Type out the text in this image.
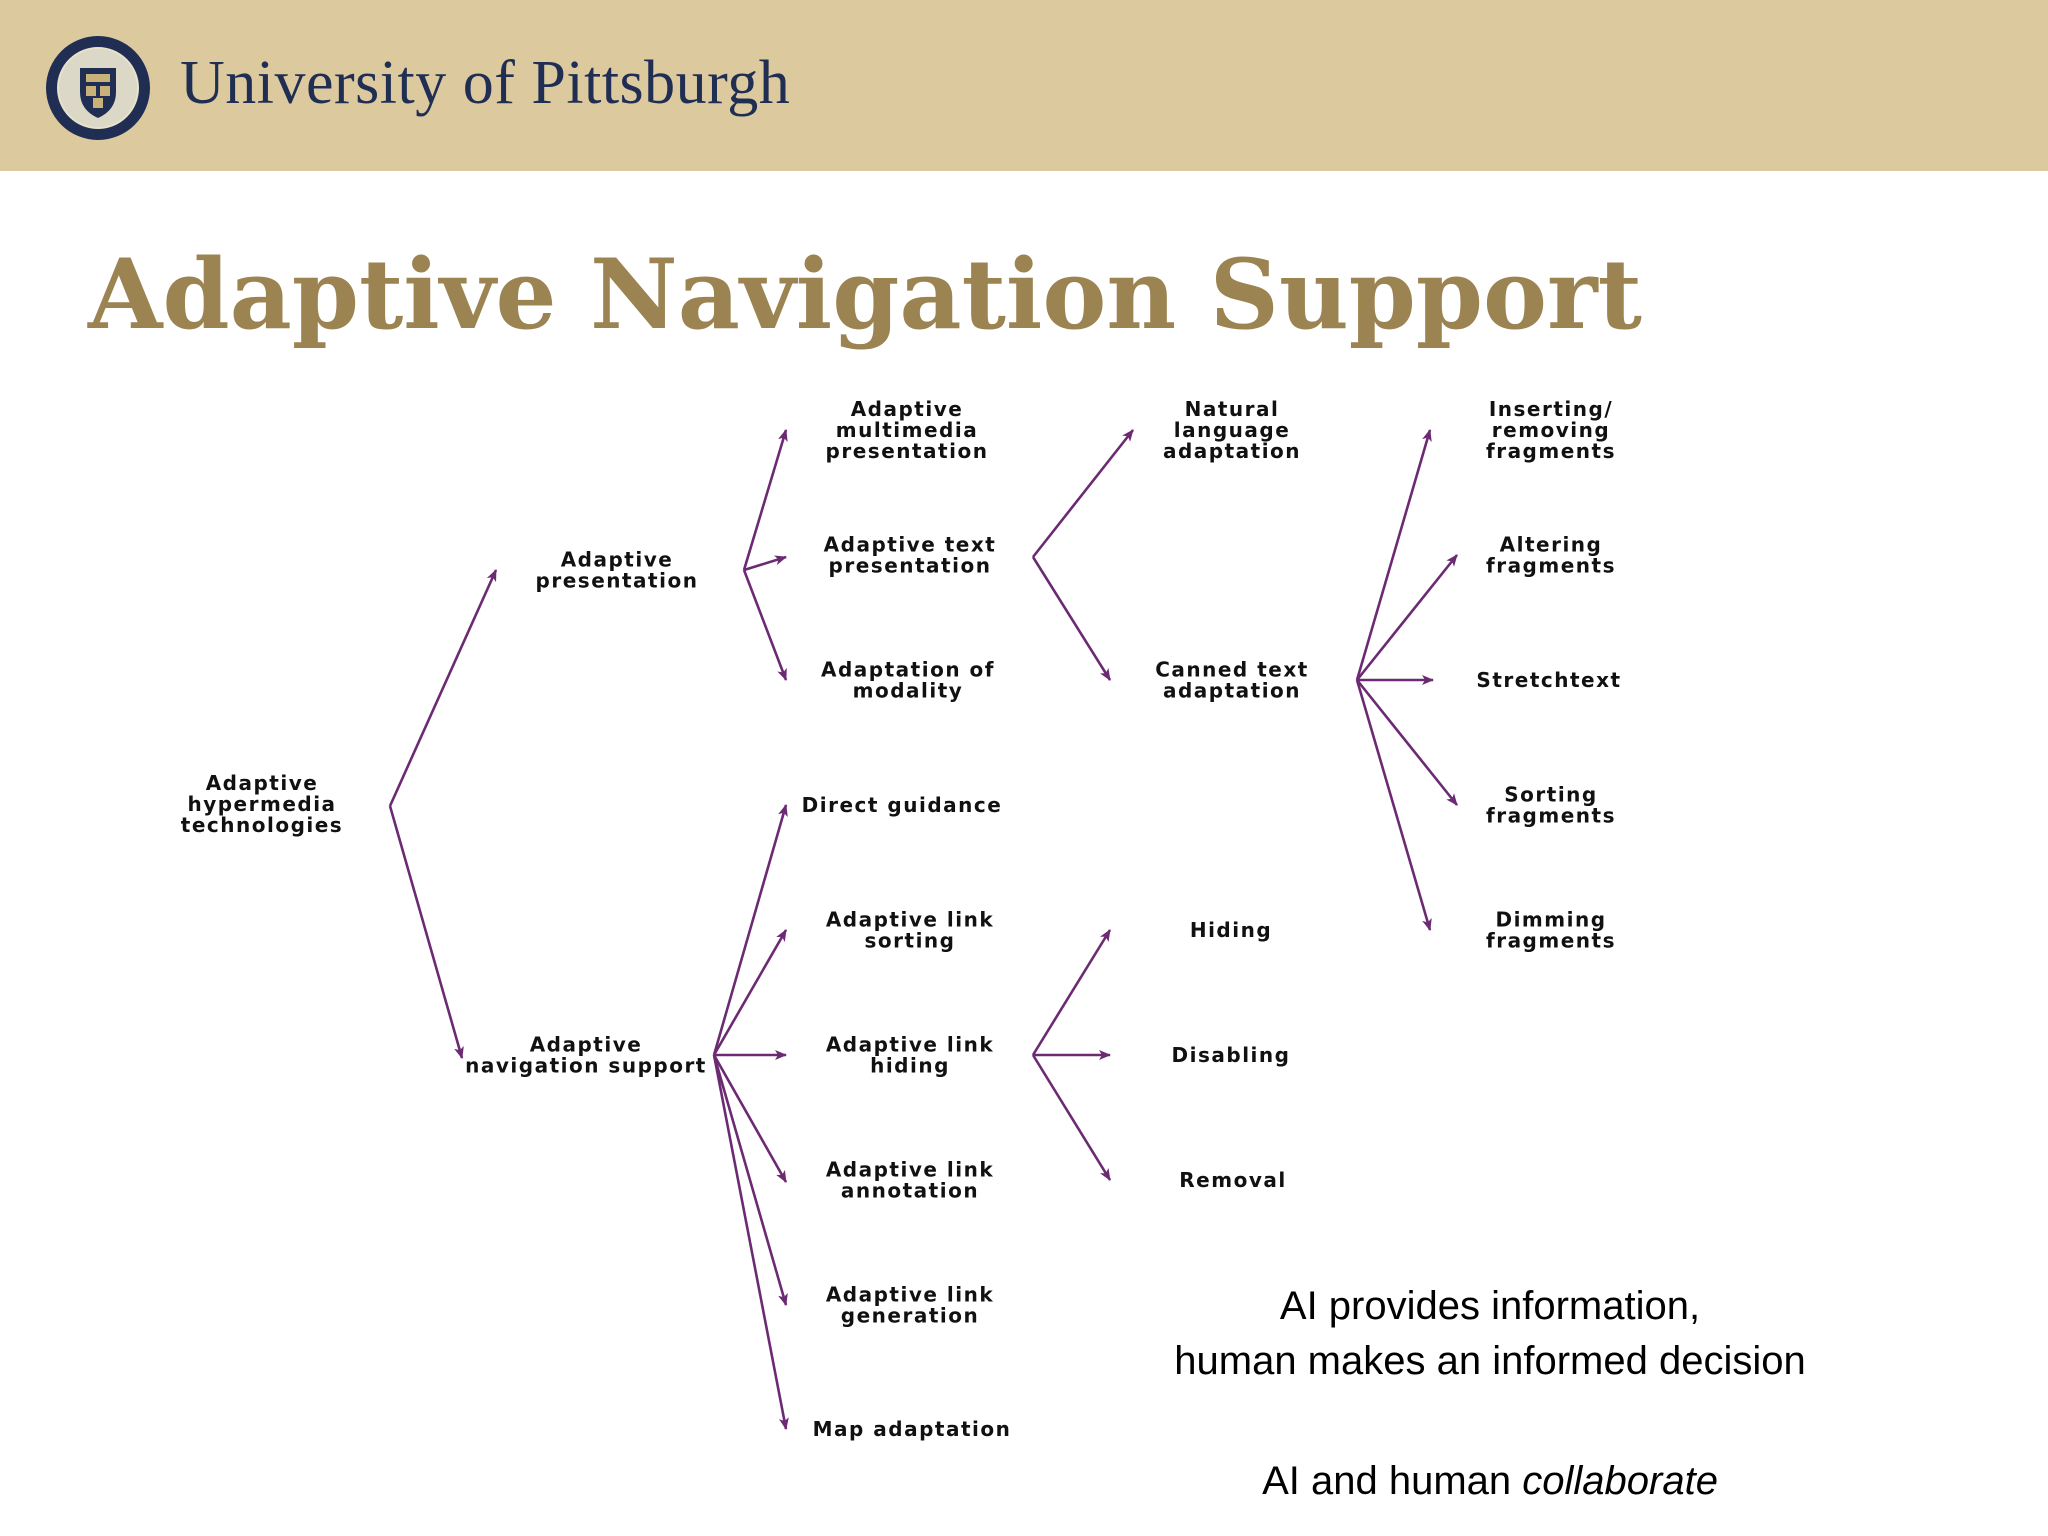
University of Pittsburgh
Adaptive Navigation Support
Adaptive hypermedia technologies
Adaptive presentation
Adaptive navigation support
Adaptive multimedia presentation
Adaptive text presentation
Adaptation of modality
Natural language adaptation
Canned text adaptation
Inserting/ removing fragments
Altering fragments
Stretchtext
Sorting fragments
Dimming fragments
Direct guidance
Adaptive link sorting
Adaptive link hiding
Adaptive link annotation
Adaptive link generation
Map adaptation
Hiding
Disabling
Removal
AI provides information,
human makes an informed decision
AI and human collaborate
